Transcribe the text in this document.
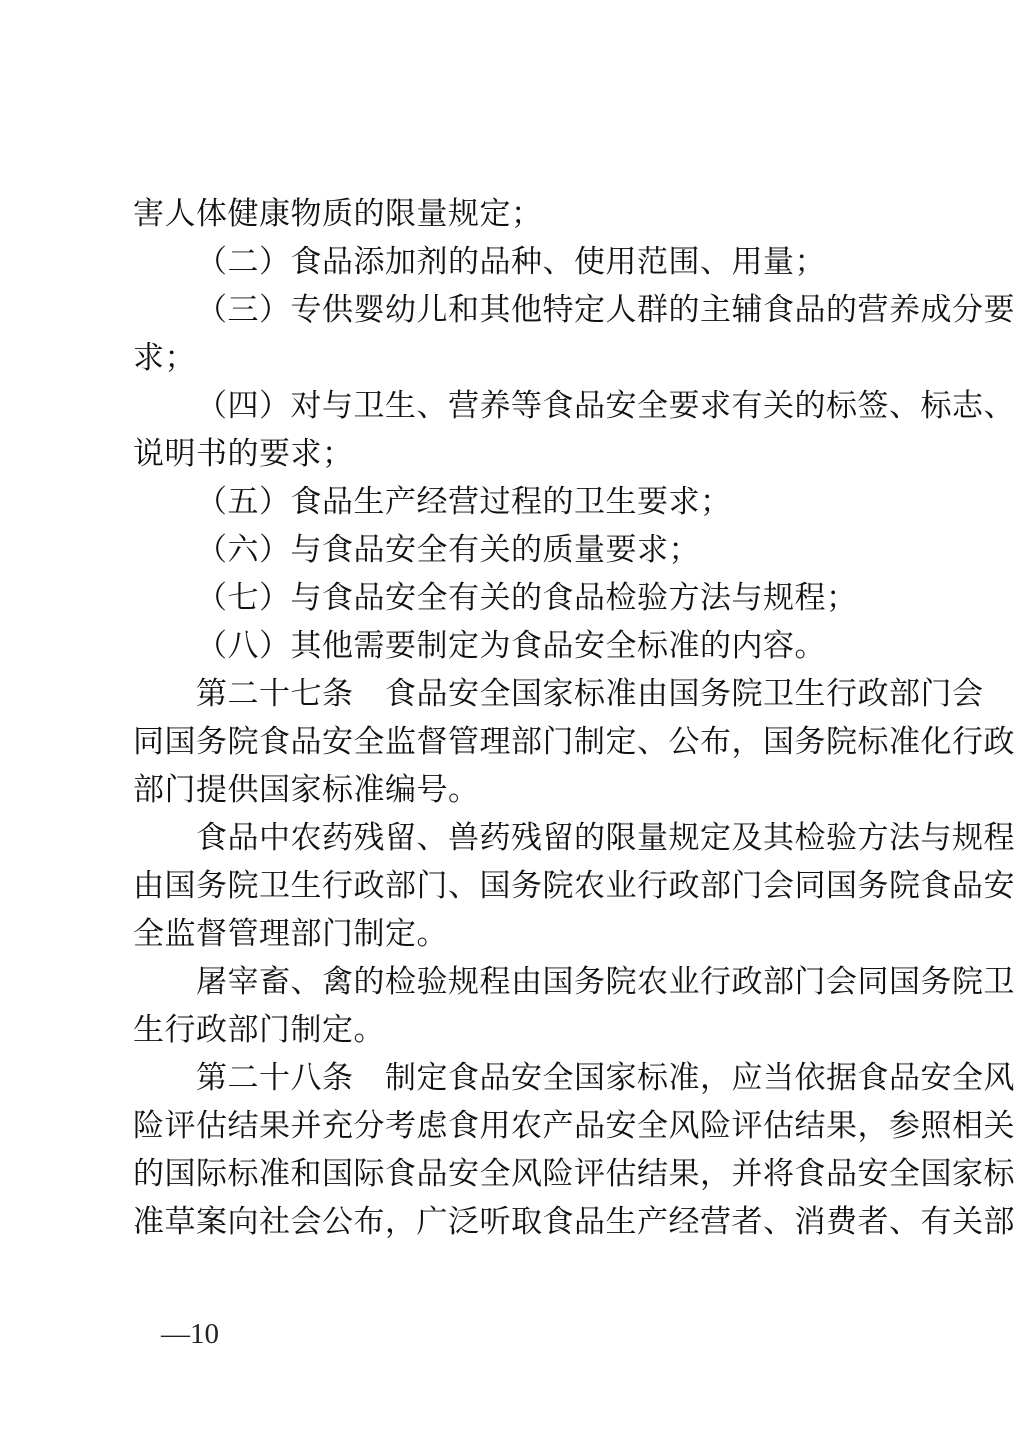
害人体健康物质的限量规定；
（二）食品添加剂的品种、使用范围、用量；
（三）专供婴幼儿和其他特定人群的主辅食品的营养成分要
求；
（四）对与卫生、营养等食品安全要求有关的标签、标志、
说明书的要求；
（五）食品生产经营过程的卫生要求；
（六）与食品安全有关的质量要求；
（七）与食品安全有关的食品检验方法与规程；
（八）其他需要制定为食品安全标准的内容。
第二十七条　食品安全国家标准由国务院卫生行政部门会
同国务院食品安全监督管理部门制定、公布，国务院标准化行政
部门提供国家标准编号。
食品中农药残留、兽药残留的限量规定及其检验方法与规程
由国务院卫生行政部门、国务院农业行政部门会同国务院食品安
全监督管理部门制定。
屠宰畜、禽的检验规程由国务院农业行政部门会同国务院卫
生行政部门制定。
第二十八条　制定食品安全国家标准，应当依据食品安全风
险评估结果并充分考虑食用农产品安全风险评估结果，参照相关
的国际标准和国际食品安全风险评估结果，并将食品安全国家标
准草案向社会公布，广泛听取食品生产经营者、消费者、有关部
—10
